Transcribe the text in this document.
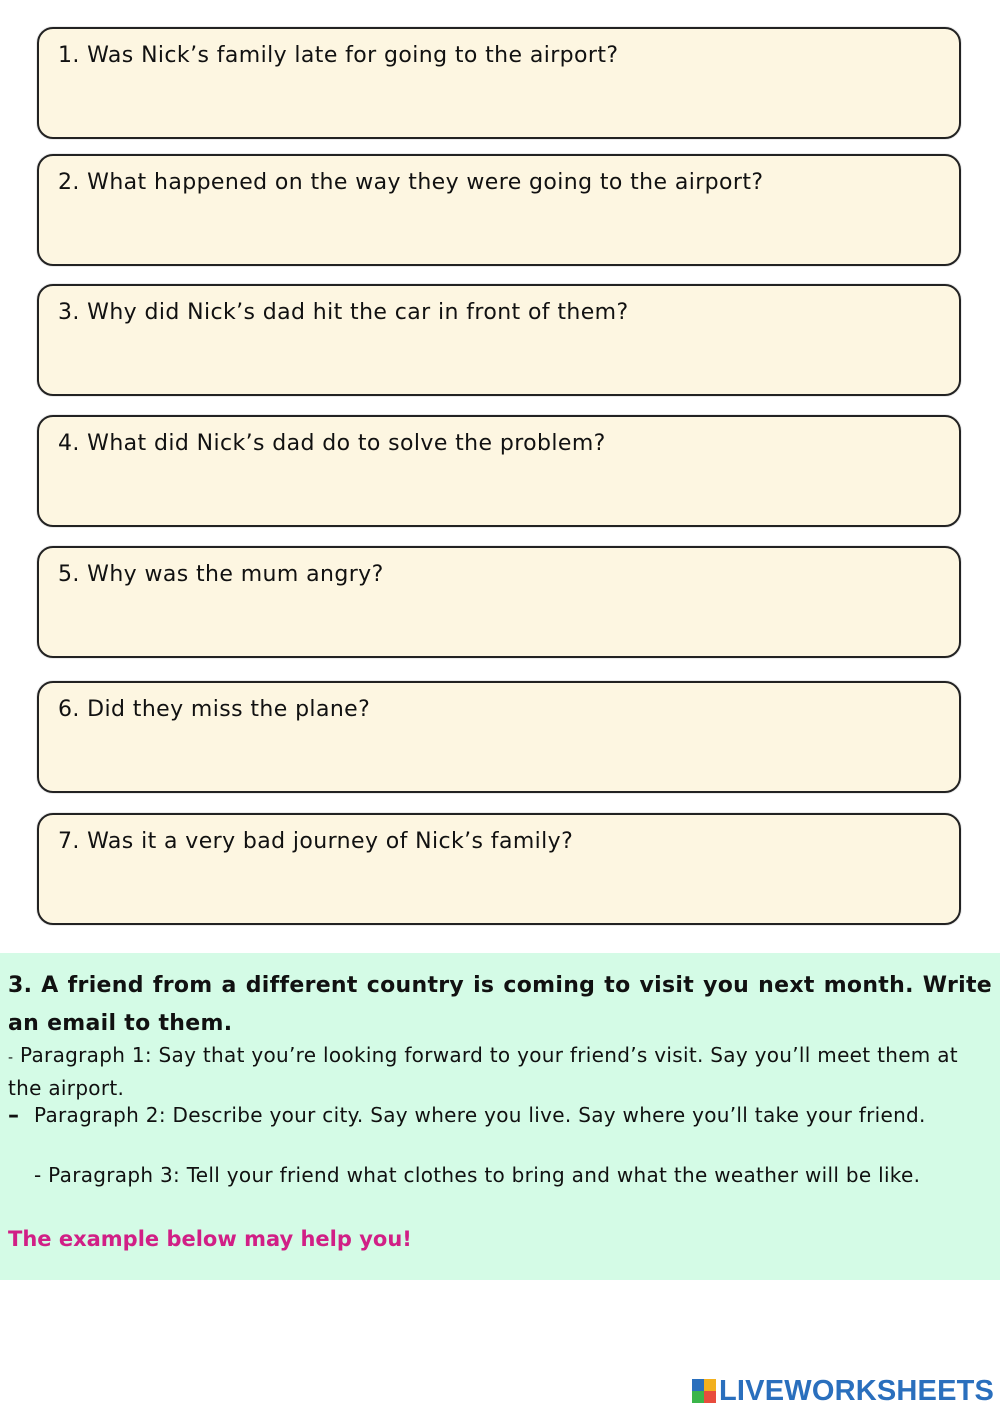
1. Was Nick’s family late for going to the airport?
2. What happened on the way they were going to the airport?
3. Why did Nick’s dad hit the car in front of them?
4. What did Nick’s dad do to solve the problem?
5. Why was the mum angry?
6. Did they miss the plane?
7. Was it a very bad journey of Nick’s family?
3. A friend from a different country is coming to visit you next month. Write an email to them.
- Paragraph 1: Say that you’re looking forward to your friend’s visit. Say you’ll meet them at the airport.
– Paragraph 2: Describe your city. Say where you live. Say where you’ll take your friend.
- Paragraph 3: Tell your friend what clothes to bring and what the weather will be like.
The example below may help you!
LIVEWORKSHEETS
